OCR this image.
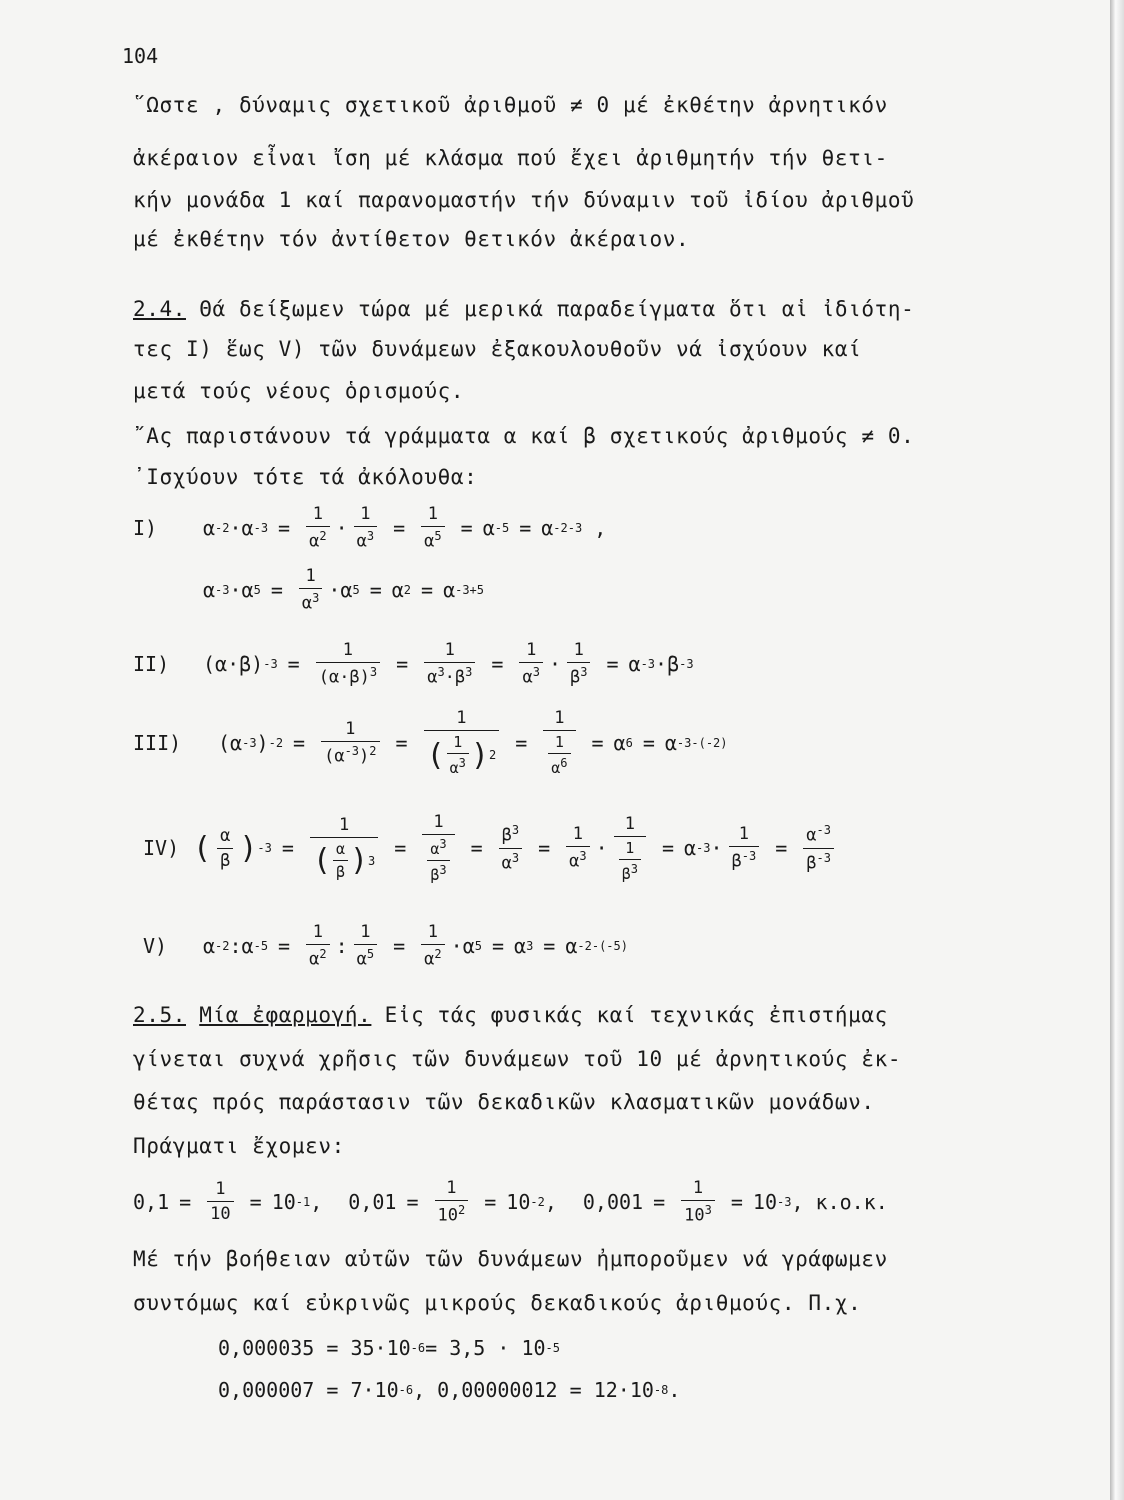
104
῞Ωστε , δύναμις σχετικοῦ ἀριθμοῦ ≠ 0 μέ ἐκθέτην ἀρνητικόν
ἀκέραιον εἶναι ἴση μέ κλάσμα πού ἔχει ἀριθμητήν τήν θετι-
κήν μονάδα 1 καί παρανομαστήν τήν δύναμιν τοῦ ἰδίου ἀριθμοῦ
μέ ἐκθέτην τόν ἀντίθετον θετικόν ἀκέραιον.
2.4. Θά δείξωμεν τώρα μέ μερικά παραδείγματα ὅτι αἱ ἰδιότη-
τες I) ἕως V) τῶν δυνάμεων ἐξακουλουθοῦν νά ἰσχύουν καί
μετά τούς νέους ὁρισμούς.
῎Ας παριστάνουν τά γράμματα α καί β σχετικούς ἀριθμούς ≠ 0.
᾿Ισχύουν τότε τά ἀκόλουθα:
I)	α -2 · α $-3 = \frac{1}{\alpha^2} \cdot \frac{1}{\alpha^3} = \frac{1}{\alpha^5} = \alpha$ -5 = α -2-3 ,
α -3 · α $5 = \frac{1}{\alpha^3} \cdot \alpha$ 5 = α 2 = α -3+5
II)	(α·β) $-3 = \frac{1}{(\alpha\cdot\beta)^3} = \frac{1}{\alpha^3\cdot\beta^3} = \frac{1}{\alpha^3} \cdot \frac{1}{\beta^3} = \alpha$ -3 · β -3
III)	(α -3 ) $-2 = \frac{1}{(\alpha^{-3})^2} = \frac{1}{( \frac{1}{\alpha^3} ) 2} = \frac{1}{\frac{1}{\alpha^6}} = \alpha$ 6 = α -3-(-2)
IV) ( $\frac{\alpha}{\beta}$ ) $-3 = \frac{1}{( \frac{\alpha}{\beta} ) 3} = \frac{1}{\frac{\alpha^3}{\beta^3}} = \frac{\beta^3}{\alpha^3} = \frac{1}{\alpha^3} \cdot \frac{1}{\frac{1}{\beta^3}} = \alpha$ $-3 \cdot \frac{1}{\beta^{-3}} = \frac{\alpha^{-3}}{\beta^{-3}}$
V)	α -2 : α $-5 = \frac{1}{\alpha^2}$ : $\frac{1}{\alpha^5} = \frac{1}{\alpha^2} \cdot \alpha$ 5 = α 3 = α -2-(-5)
2.5. Μία ἐφαρμογή. Εἰς τάς φυσικάς καί τεχνικάς ἐπιστήμας
γίνεται συχνά χρῆσις τῶν δυνάμεων τοῦ 10 μέ ἀρνητικούς ἐκ-
θέτας πρός παράστασιν τῶν δεκαδικῶν κλασματικῶν μονάδων.
Πράγματι ἔχομεν:
$0,1 = \frac{1}{10} = 10$ -1 , $0,01 = \frac{1}{10^2} = 10$ -2 , $0,001 = \frac{1}{10^3} = 10$ -3 , κ.ο.κ.
Μέ τήν βοήθειαν αὐτῶν τῶν δυνάμεων ἠμποροῦμεν νά γράφωμεν
συντόμως καί εὐκρινῶς μικρούς δεκαδικούς ἀριθμούς. Π.χ.
0,000035 = 35·10 -6 = 3,5 · 10 -5
0,000007 = 7·10 -6 , 0,00000012 = 12·10 -8 .
